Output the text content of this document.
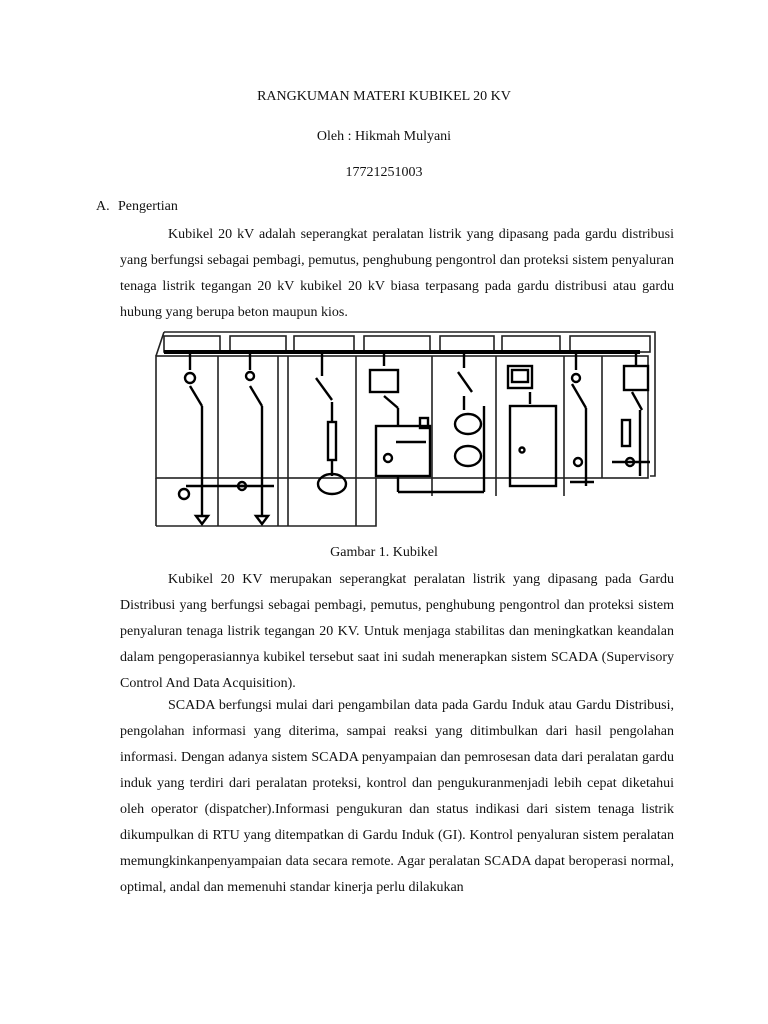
RANGKUMAN MATERI KUBIKEL 20 KV
Oleh : Hikmah Mulyani
17721251003
A. Pengertian

Kubikel 20 kV adalah seperangkat peralatan listrik yang dipasang pada gardu distribusi yang berfungsi sebagai pembagi, pemutus, penghubung pengontrol dan proteksi sistem penyaluran tenaga listrik tegangan 20 kV kubikel 20 kV biasa terpasang pada gardu distribusi atau gardu hubung yang berupa beton maupun kios.

Gambar 1. Kubikel

Kubikel 20 KV merupakan seperangkat peralatan listrik yang dipasang pada Gardu Distribusi yang berfungsi sebagai pembagi, pemutus, penghubung pengontrol dan proteksi sistem penyaluran tenaga listrik tegangan 20 KV. Untuk menjaga stabilitas dan meningkatkan keandalan dalam pengoperasiannya kubikel tersebut saat ini sudah menerapkan sistem SCADA (Supervisory Control And Data Acquisition).

SCADA berfungsi mulai dari pengambilan data pada Gardu Induk atau Gardu Distribusi, pengolahan informasi yang diterima, sampai reaksi yang ditimbulkan dari hasil pengolahan informasi. Dengan adanya sistem SCADA penyampaian dan pemrosesan data dari peralatan gardu induk yang terdiri dari peralatan proteksi, kontrol dan pengukuranmenjadi lebih cepat diketahui oleh operator (dispatcher).Informasi pengukuran dan status indikasi dari sistem tenaga listrik dikumpulkan di RTU yang ditempatkan di Gardu Induk (GI). Kontrol penyaluran sistem peralatan memungkinkanpenyampaian data secara remote. Agar peralatan SCADA dapat beroperasi normal, optimal, andal dan memenuhi standar kinerja perlu dilakukan
